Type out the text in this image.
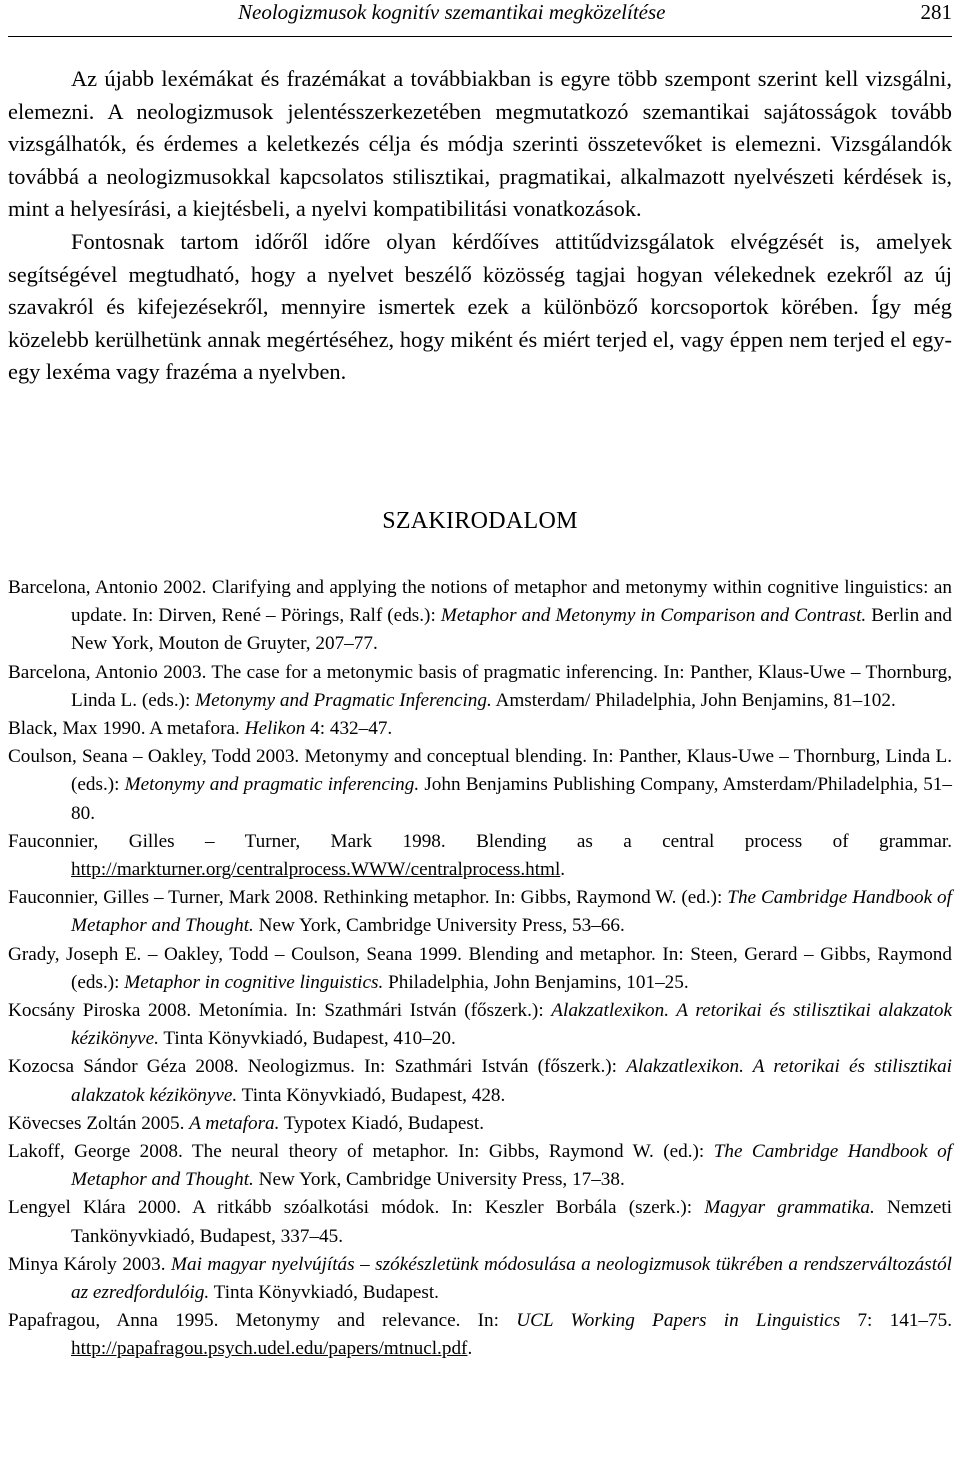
Neologizmusok kognitív szemantikai megközelítése	281

Az újabb lexémákat és frazémákat a továbbiakban is egyre több szempont szerint kell vizsgálni, elemezni. A neologizmusok jelentésszerkezetében megmutatkozó szemantikai sajátosságok tovább vizsgálhatók, és érdemes a keletkezés célja és módja szerinti összetevőket is elemezni. Vizsgálandók továbbá a neologizmusokkal kapcsolatos stilisztikai, pragmatikai, alkalmazott nyelvészeti kérdések is, mint a helyesírási, a kiejtésbeli, a nyelvi kompatibilitási vonatkozások.

Fontosnak tartom időről időre olyan kérdőíves attitűdvizsgálatok elvégzését is, amelyek segítségével megtudható, hogy a nyelvet beszélő közösség tagjai hogyan vélekednek ezekről az új szavakról és kifejezésekről, mennyire ismertek ezek a különböző korcsoportok körében. Így még közelebb kerülhetünk annak megértéséhez, hogy miként és miért terjed el, vagy éppen nem terjed el egy-egy lexéma vagy frazéma a nyelvben.

SZAKIRODALOM
Barcelona, Antonio 2002. Clarifying and applying the notions of metaphor and metonymy within cognitive linguistics: an update. In: Dirven, René – Pörings, Ralf (eds.): Metaphor and Metonymy in Comparison and Contrast. Berlin and New York, Mouton de Gruyter, 207–77.
Barcelona, Antonio 2003. The case for a metonymic basis of pragmatic inferencing. In: Panther, Klaus-Uwe – Thornburg, Linda L. (eds.): Metonymy and Pragmatic Inferencing. Amsterdam/ Philadelphia, John Benjamins, 81–102.
Black, Max 1990. A metafora. Helikon 4: 432–47.
Coulson, Seana – Oakley, Todd 2003. Metonymy and conceptual blending. In: Panther, Klaus-Uwe – Thornburg, Linda L. (eds.): Metonymy and pragmatic inferencing. John Benjamins Publishing Company, Amsterdam/Philadelphia, 51–80.
Fauconnier, Gilles – Turner, Mark 1998. Blending as a central process of grammar. http://markturner.org/centralprocess.WWW/centralprocess.html.
Fauconnier, Gilles – Turner, Mark 2008. Rethinking metaphor. In: Gibbs, Raymond W. (ed.): The Cambridge Handbook of Metaphor and Thought. New York, Cambridge University Press, 53–66.
Grady, Joseph E. – Oakley, Todd – Coulson, Seana 1999. Blending and metaphor. In: Steen, Gerard – Gibbs, Raymond (eds.): Metaphor in cognitive linguistics. Philadelphia, John Benjamins, 101–25.
Kocsány Piroska 2008. Metonímia. In: Szathmári István (főszerk.): Alakzatlexikon. A retorikai és stilisztikai alakzatok kézikönyve. Tinta Könyvkiadó, Budapest, 410–20.
Kozocsa Sándor Géza 2008. Neologizmus. In: Szathmári István (főszerk.): Alakzatlexikon. A retorikai és stilisztikai alakzatok kézikönyve. Tinta Könyvkiadó, Budapest, 428.
Kövecses Zoltán 2005. A metafora. Typotex Kiadó, Budapest.
Lakoff, George 2008. The neural theory of metaphor. In: Gibbs, Raymond W. (ed.): The Cambridge Handbook of Metaphor and Thought. New York, Cambridge University Press, 17–38.
Lengyel Klára 2000. A ritkább szóalkotási módok. In: Keszler Borbála (szerk.): Magyar grammatika. Nemzeti Tankönyvkiadó, Budapest, 337–45.
Minya Károly 2003. Mai magyar nyelvújítás – szókészletünk módosulása a neologizmusok tükrében a rendszerváltozástól az ezredfordulóig. Tinta Könyvkiadó, Budapest.
Papafragou, Anna 1995. Metonymy and relevance. In: UCL Working Papers in Linguistics 7: 141–75. http://papafragou.psych.udel.edu/papers/mtnucl.pdf.
